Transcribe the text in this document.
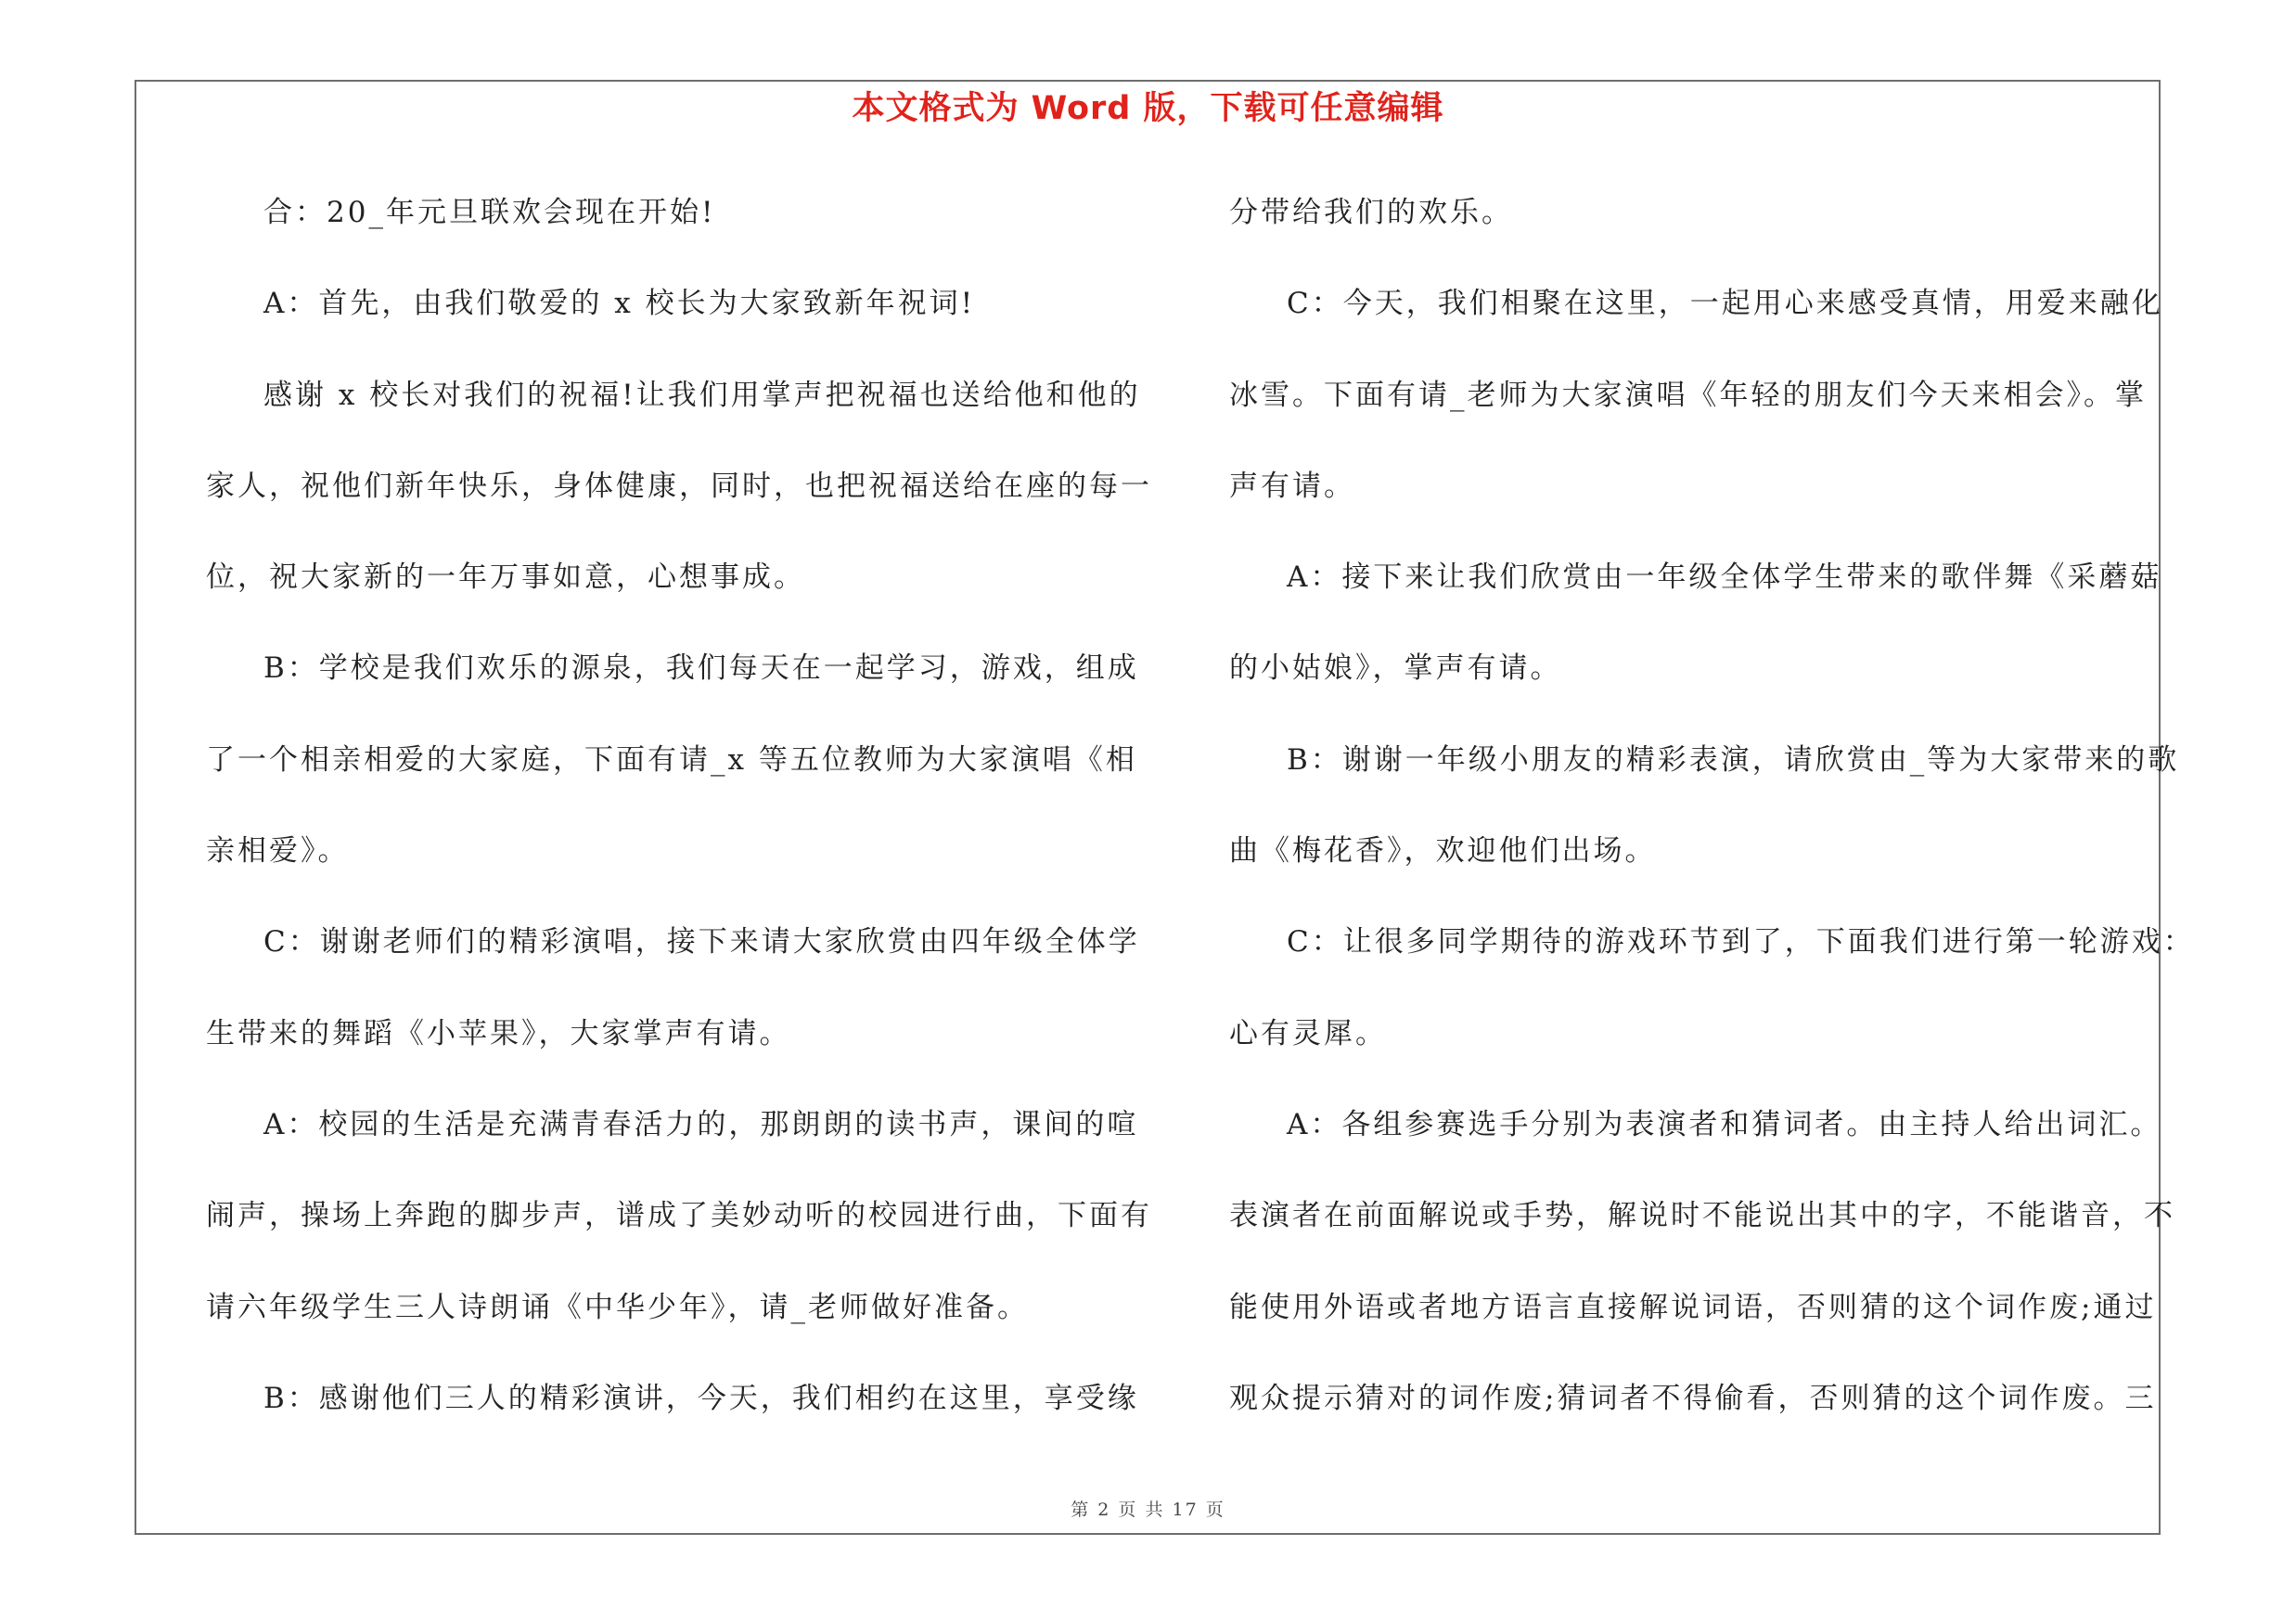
本文格式为 Word 版，下载可任意编辑
合：20_年元旦联欢会现在开始!
A：首先，由我们敬爱的 x 校长为大家致新年祝词!
感谢 x 校长对我们的祝福!让我们用掌声把祝福也送给他和他的
家人，祝他们新年快乐，身体健康，同时，也把祝福送给在座的每一
位，祝大家新的一年万事如意，心想事成。
B：学校是我们欢乐的源泉，我们每天在一起学习，游戏，组成
了一个相亲相爱的大家庭，下面有请_x 等五位教师为大家演唱《相
亲相爱》。
C：谢谢老师们的精彩演唱，接下来请大家欣赏由四年级全体学
生带来的舞蹈《小苹果》，大家掌声有请。
A：校园的生活是充满青春活力的，那朗朗的读书声，课间的喧
闹声，操场上奔跑的脚步声，谱成了美妙动听的校园进行曲，下面有
请六年级学生三人诗朗诵《中华少年》，请_老师做好准备。
B：感谢他们三人的精彩演讲，今天，我们相约在这里，享受缘
分带给我们的欢乐。
C：今天，我们相聚在这里，一起用心来感受真情，用爱来融化
冰雪。下面有请_老师为大家演唱《年轻的朋友们今天来相会》。掌
声有请。
A：接下来让我们欣赏由一年级全体学生带来的歌伴舞《采蘑菇
的小姑娘》，掌声有请。
B：谢谢一年级小朋友的精彩表演，请欣赏由_等为大家带来的歌
曲《梅花香》，欢迎他们出场。
C：让很多同学期待的游戏环节到了，下面我们进行第一轮游戏：
心有灵犀。
A：各组参赛选手分别为表演者和猜词者。由主持人给出词汇。
表演者在前面解说或手势，解说时不能说出其中的字，不能谐音，不
能使用外语或者地方语言直接解说词语，否则猜的这个词作废;通过
观众提示猜对的词作废;猜词者不得偷看，否则猜的这个词作废。三
第 2 页 共 17 页
